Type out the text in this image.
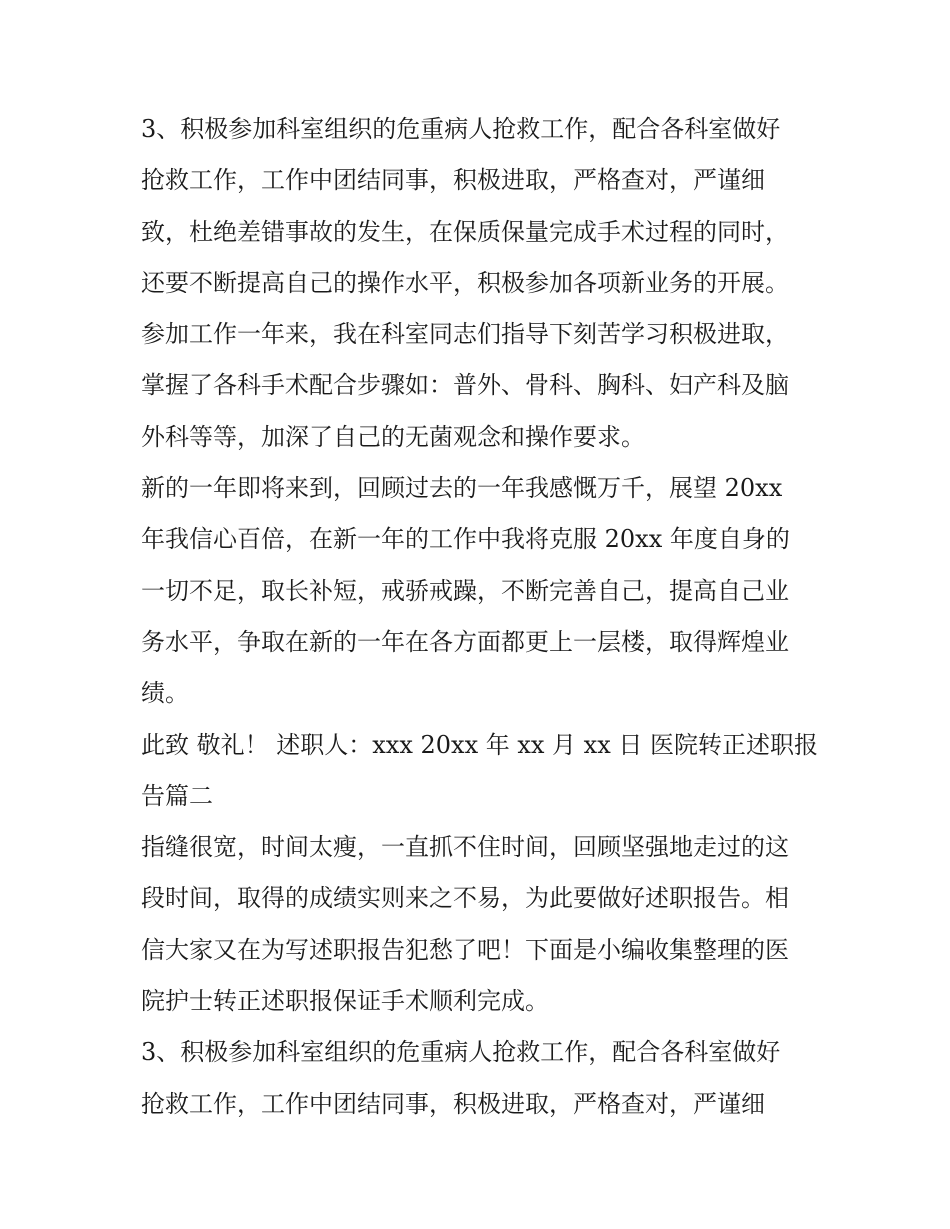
3、积极参加科室组织的危重病人抢救工作，配合各科室做好
抢救工作，工作中团结同事，积极进取，严格查对，严谨细
致，杜绝差错事故的发生，在保质保量完成手术过程的同时，
还要不断提高自己的操作水平，积极参加各项新业务的开展。
参加工作一年来，我在科室同志们指导下刻苦学习积极进取，
掌握了各科手术配合步骤如：普外、骨科、胸科、妇产科及脑
外科等等，加深了自己的无菌观念和操作要求。
新的一年即将来到，回顾过去的一年我感慨万千，展望 20xx
年我信心百倍，在新一年的工作中我将克服 20xx 年度自身的
一切不足，取长补短，戒骄戒躁，不断完善自己，提高自己业
务水平，争取在新的一年在各方面都更上一层楼，取得辉煌业
绩。
此致 敬礼！ 述职人：xxx 20xx 年 xx 月 xx 日 医院转正述职报
告篇二
指缝很宽，时间太瘦，一直抓不住时间，回顾坚强地走过的这
段时间，取得的成绩实则来之不易，为此要做好述职报告。相
信大家又在为写述职报告犯愁了吧！下面是小编收集整理的医
院护士转正述职报保证手术顺利完成。
3、积极参加科室组织的危重病人抢救工作，配合各科室做好
抢救工作，工作中团结同事，积极进取，严格查对，严谨细
